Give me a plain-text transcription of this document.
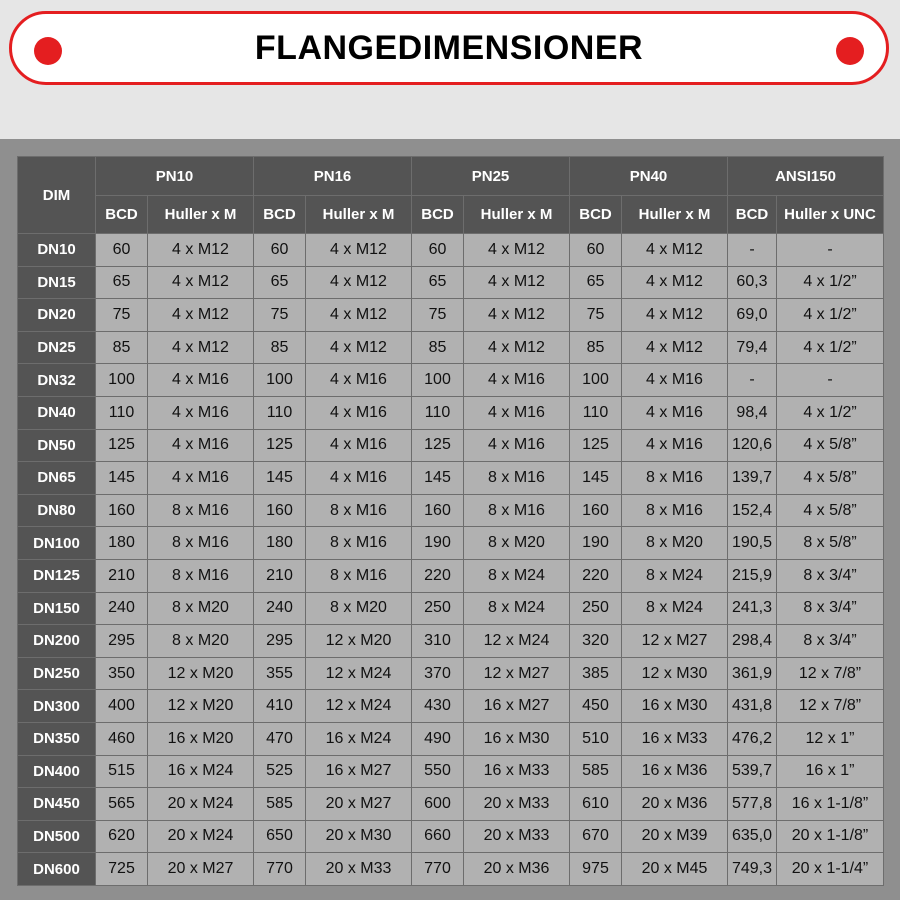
FLANGEDIMENSIONER
DIM	PN10		PN16		PN25		PN40		ANSI150	
	BCD	Huller x M	BCD	Huller x M	BCD	Huller x M	BCD	Huller x M	BCD	Huller x UNC
DN10	60	4 x M12	60	4 x M12	60	4 x M12	60	4 x M12	-	-
DN15	65	4 x M12	65	4 x M12	65	4 x M12	65	4 x M12	60,3	4 x 1/2”
DN20	75	4 x M12	75	4 x M12	75	4 x M12	75	4 x M12	69,0	4 x 1/2”
DN25	85	4 x M12	85	4 x M12	85	4 x M12	85	4 x M12	79,4	4 x 1/2”
DN32	100	4 x M16	100	4 x M16	100	4 x M16	100	4 x M16	-	-
DN40	110	4 x M16	110	4 x M16	110	4 x M16	110	4 x M16	98,4	4 x 1/2”
DN50	125	4 x M16	125	4 x M16	125	4 x M16	125	4 x M16	120,6	4 x 5/8”
DN65	145	4 x M16	145	4 x M16	145	8 x M16	145	8 x M16	139,7	4 x 5/8”
DN80	160	8 x M16	160	8 x M16	160	8 x M16	160	8 x M16	152,4	4 x 5/8”
DN100	180	8 x M16	180	8 x M16	190	8 x M20	190	8 x M20	190,5	8 x 5/8”
DN125	210	8 x M16	210	8 x M16	220	8 x M24	220	8 x M24	215,9	8 x 3/4”
DN150	240	8 x M20	240	8 x M20	250	8 x M24	250	8 x M24	241,3	8 x 3/4”
DN200	295	8 x M20	295	12 x M20	310	12 x M24	320	12 x M27	298,4	8 x 3/4”
DN250	350	12 x M20	355	12 x M24	370	12 x M27	385	12 x M30	361,9	12 x 7/8”
DN300	400	12 x M20	410	12 x M24	430	16 x M27	450	16 x M30	431,8	12 x 7/8”
DN350	460	16 x M20	470	16 x M24	490	16 x M30	510	16 x M33	476,2	12 x 1”
DN400	515	16 x M24	525	16 x M27	550	16 x M33	585	16 x M36	539,7	16 x 1”
DN450	565	20 x M24	585	20 x M27	600	20 x M33	610	20 x M36	577,8	16 x 1-1/8”
DN500	620	20 x M24	650	20 x M30	660	20 x M33	670	20 x M39	635,0	20 x 1-1/8”
DN600	725	20 x M27	770	20 x M33	770	20 x M36	975	20 x M45	749,3	20 x 1-1/4”
